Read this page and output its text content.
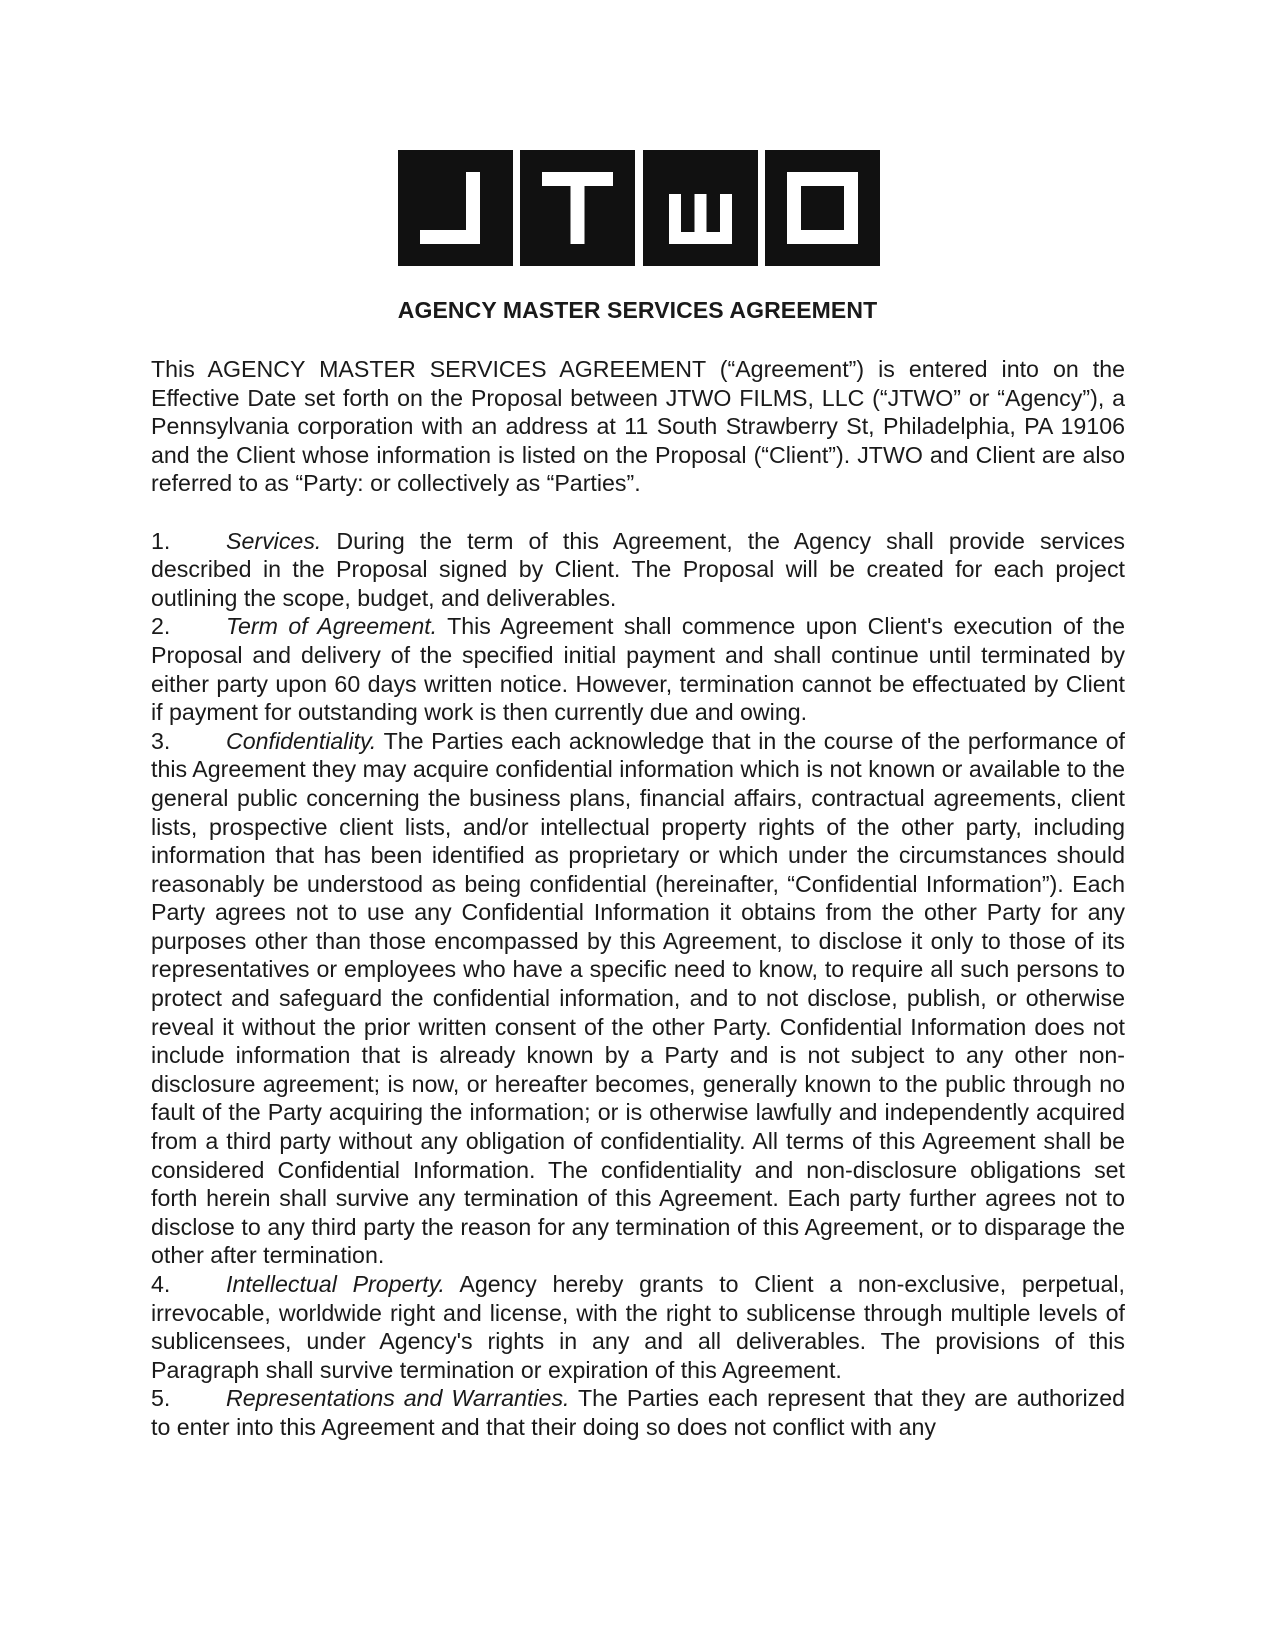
AGENCY MASTER SERVICES AGREEMENT

This AGENCY MASTER SERVICES AGREEMENT (“Agreement”) is entered into on the Effective Date set forth on the Proposal between JTWO FILMS, LLC (“JTWO” or “Agency”), a Pennsylvania corporation with an address at 11 South Strawberry St, Philadelphia, PA 19106 and the Client whose information is listed on the Proposal (“Client”). JTWO and Client are also referred to as “Party: or collectively as “Parties”.

1. Services. During the term of this Agreement, the Agency shall provide services described in the Proposal signed by Client. The Proposal will be created for each project outlining the scope, budget, and deliverables.

2. Term of Agreement. This Agreement shall commence upon Client's execution of the Proposal and delivery of the specified initial payment and shall continue until terminated by either party upon 60 days written notice. However, termination cannot be effectuated by Client if payment for outstanding work is then currently due and owing.

3. Confidentiality. The Parties each acknowledge that in the course of the performance of this Agreement they may acquire confidential information which is not known or available to the general public concerning the business plans, financial affairs, contractual agreements, client lists, prospective client lists, and/or intellectual property rights of the other party, including information that has been identified as proprietary or which under the circumstances should reasonably be understood as being confidential (hereinafter, “Confidential Information”). Each Party agrees not to use any Confidential Information it obtains from the other Party for any purposes other than those encompassed by this Agreement, to disclose it only to those of its representatives or employees who have a specific need to know, to require all such persons to protect and safeguard the confidential information, and to not disclose, publish, or otherwise reveal it without the prior written consent of the other Party. Confidential Information does not include information that is already known by a Party and is not subject to any other non-disclosure agreement; is now, or hereafter becomes, generally known to the public through no fault of the Party acquiring the information; or is otherwise lawfully and independently acquired from a third party without any obligation of confidentiality. All terms of this Agreement shall be considered Confidential Information. The confidentiality and non-disclosure obligations set forth herein shall survive any termination of this Agreement. Each party further agrees not to disclose to any third party the reason for any termination of this Agreement, or to disparage the other after termination.

4. Intellectual Property. Agency hereby grants to Client a non-exclusive, perpetual, irrevocable, worldwide right and license, with the right to sublicense through multiple levels of sublicensees, under Agency's rights in any and all deliverables. The provisions of this Paragraph shall survive termination or expiration of this Agreement.

5. Representations and Warranties. The Parties each represent that they are authorized to enter into this Agreement and that their doing so does not conflict with any
